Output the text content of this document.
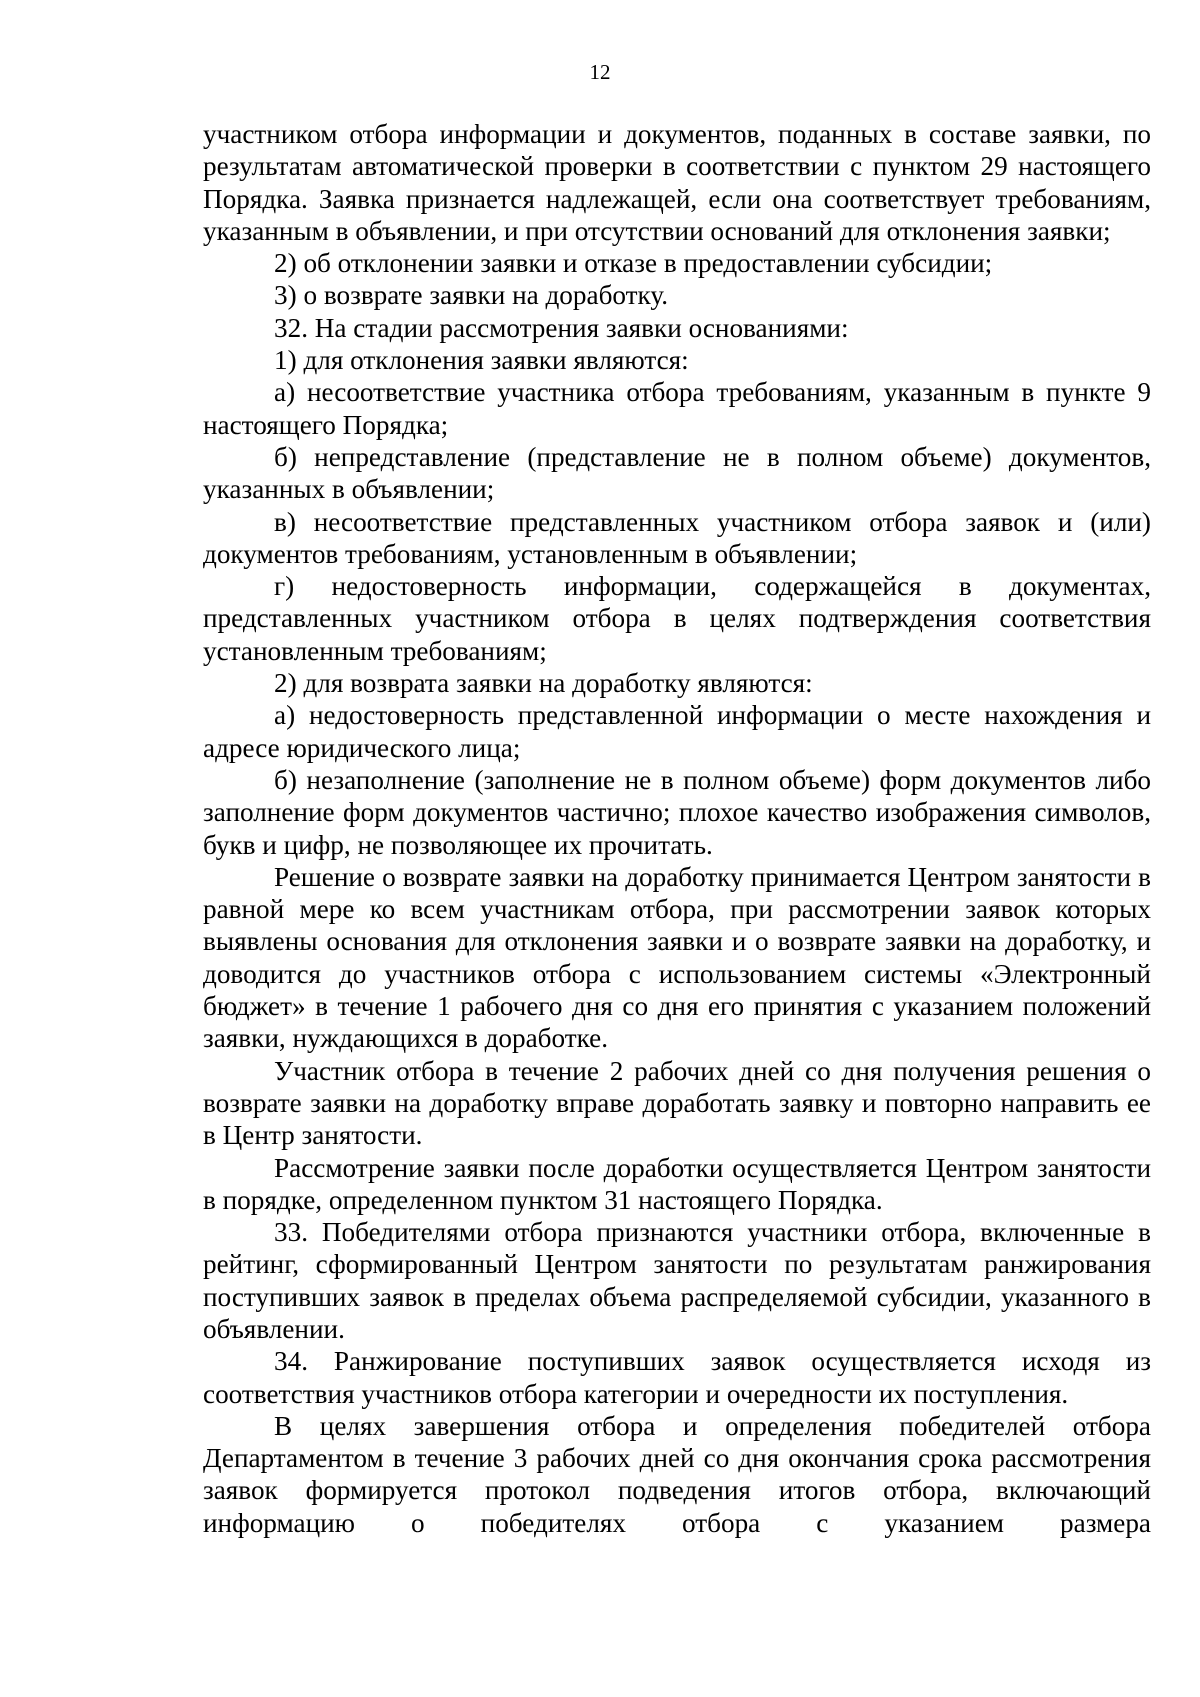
12

участником отбора информации и документов, поданных в составе заявки, по результатам автоматической проверки в соответствии с пунктом 29 настоящего Порядка. Заявка признается надлежащей, если она соответствует требованиям, указанным в объявлении, и при отсутствии оснований для отклонения заявки;

2) об отклонении заявки и отказе в предоставлении субсидии;

3) о возврате заявки на доработку.

32. На стадии рассмотрения заявки основаниями:

1) для отклонения заявки являются:

а) несоответствие участника отбора требованиям, указанным в пункте 9 настоящего Порядка;

б) непредставление (представление не в полном объеме) документов, указанных в объявлении;

в) несоответствие представленных участником отбора заявок и (или) документов требованиям, установленным в объявлении;

г) недостоверность информации, содержащейся в документах, представленных участником отбора в целях подтверждения соответствия установленным требованиям;

2) для возврата заявки на доработку являются:

а) недостоверность представленной информации о месте нахождения и адресе юридического лица;

б) незаполнение (заполнение не в полном объеме) форм документов либо заполнение форм документов частично; плохое качество изображения символов, букв и цифр, не позволяющее их прочитать.

Решение о возврате заявки на доработку принимается Центром занятости в равной мере ко всем участникам отбора, при рассмотрении заявок которых выявлены основания для отклонения заявки и о возврате заявки на доработку, и доводится до участников отбора с использованием системы «Электронный бюджет» в течение 1 рабочего дня со дня его принятия с указанием положений заявки, нуждающихся в доработке.

Участник отбора в течение 2 рабочих дней со дня получения решения о возврате заявки на доработку вправе доработать заявку и повторно направить ее в Центр занятости.

Рассмотрение заявки после доработки осуществляется Центром занятости в порядке, определенном пунктом 31 настоящего Порядка.

33. Победителями отбора признаются участники отбора, включенные в рейтинг, сформированный Центром занятости по результатам ранжирования поступивших заявок в пределах объема распределяемой субсидии, указанного в объявлении.

34. Ранжирование поступивших заявок осуществляется исходя из соответствия участников отбора категории и очередности их поступления.

В целях завершения отбора и определения победителей отбора Департаментом в течение 3 рабочих дней со дня окончания срока рассмотрения заявок формируется протокол подведения итогов отбора, включающий информацию о победителях отбора с указанием размера
